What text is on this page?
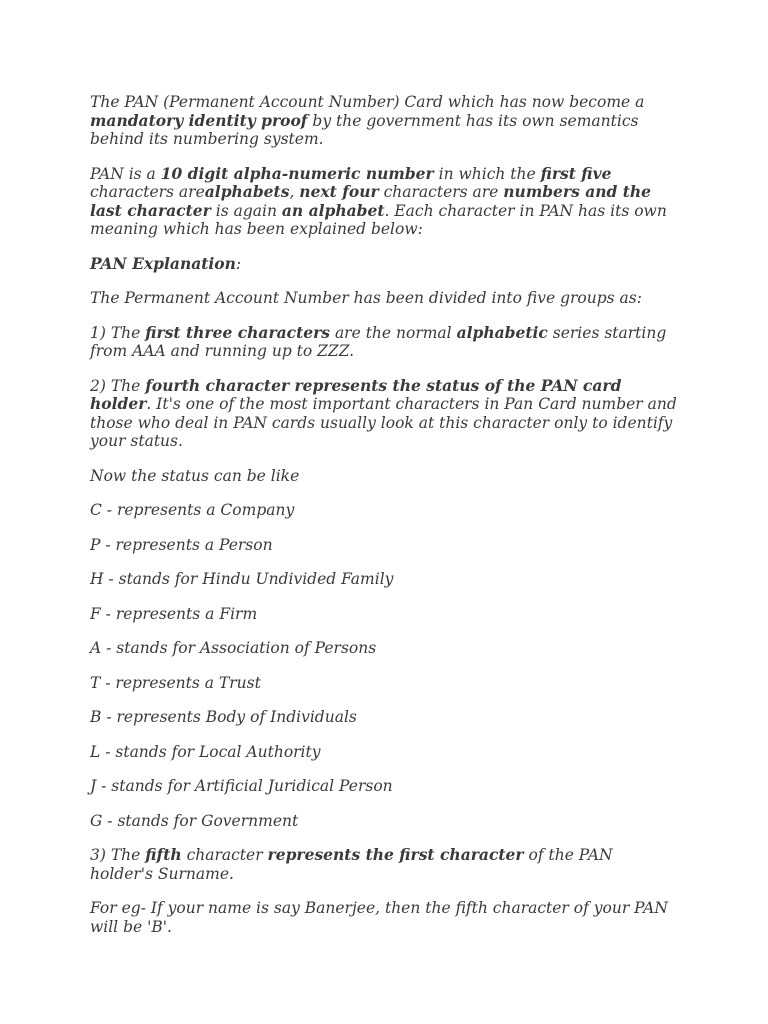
The PAN (Permanent Account Number) Card which has now become a mandatory identity proof by the government has its own semantics behind its numbering system.

PAN is a 10 digit alpha-numeric number in which the first five characters arealphabets, next four characters are numbers and the last character is again an alphabet. Each character in PAN has its own meaning which has been explained below:

PAN Explanation:

The Permanent Account Number has been divided into five groups as:

1) The first three characters are the normal alphabetic series starting from AAA and running up to ZZZ.

2) The fourth character represents the status of the PAN card holder. It's one of the most important characters in Pan Card number and those who deal in PAN cards usually look at this character only to identify your status.

Now the status can be like

C - represents a Company

P - represents a Person

H - stands for Hindu Undivided Family

F - represents a Firm

A - stands for Association of Persons

T - represents a Trust

B - represents Body of Individuals

L - stands for Local Authority

J - stands for Artificial Juridical Person

G - stands for Government

3) The fifth character represents the first character of the PAN holder's Surname.

For eg- If your name is say Banerjee, then the fifth character of your PAN will be 'B'.
